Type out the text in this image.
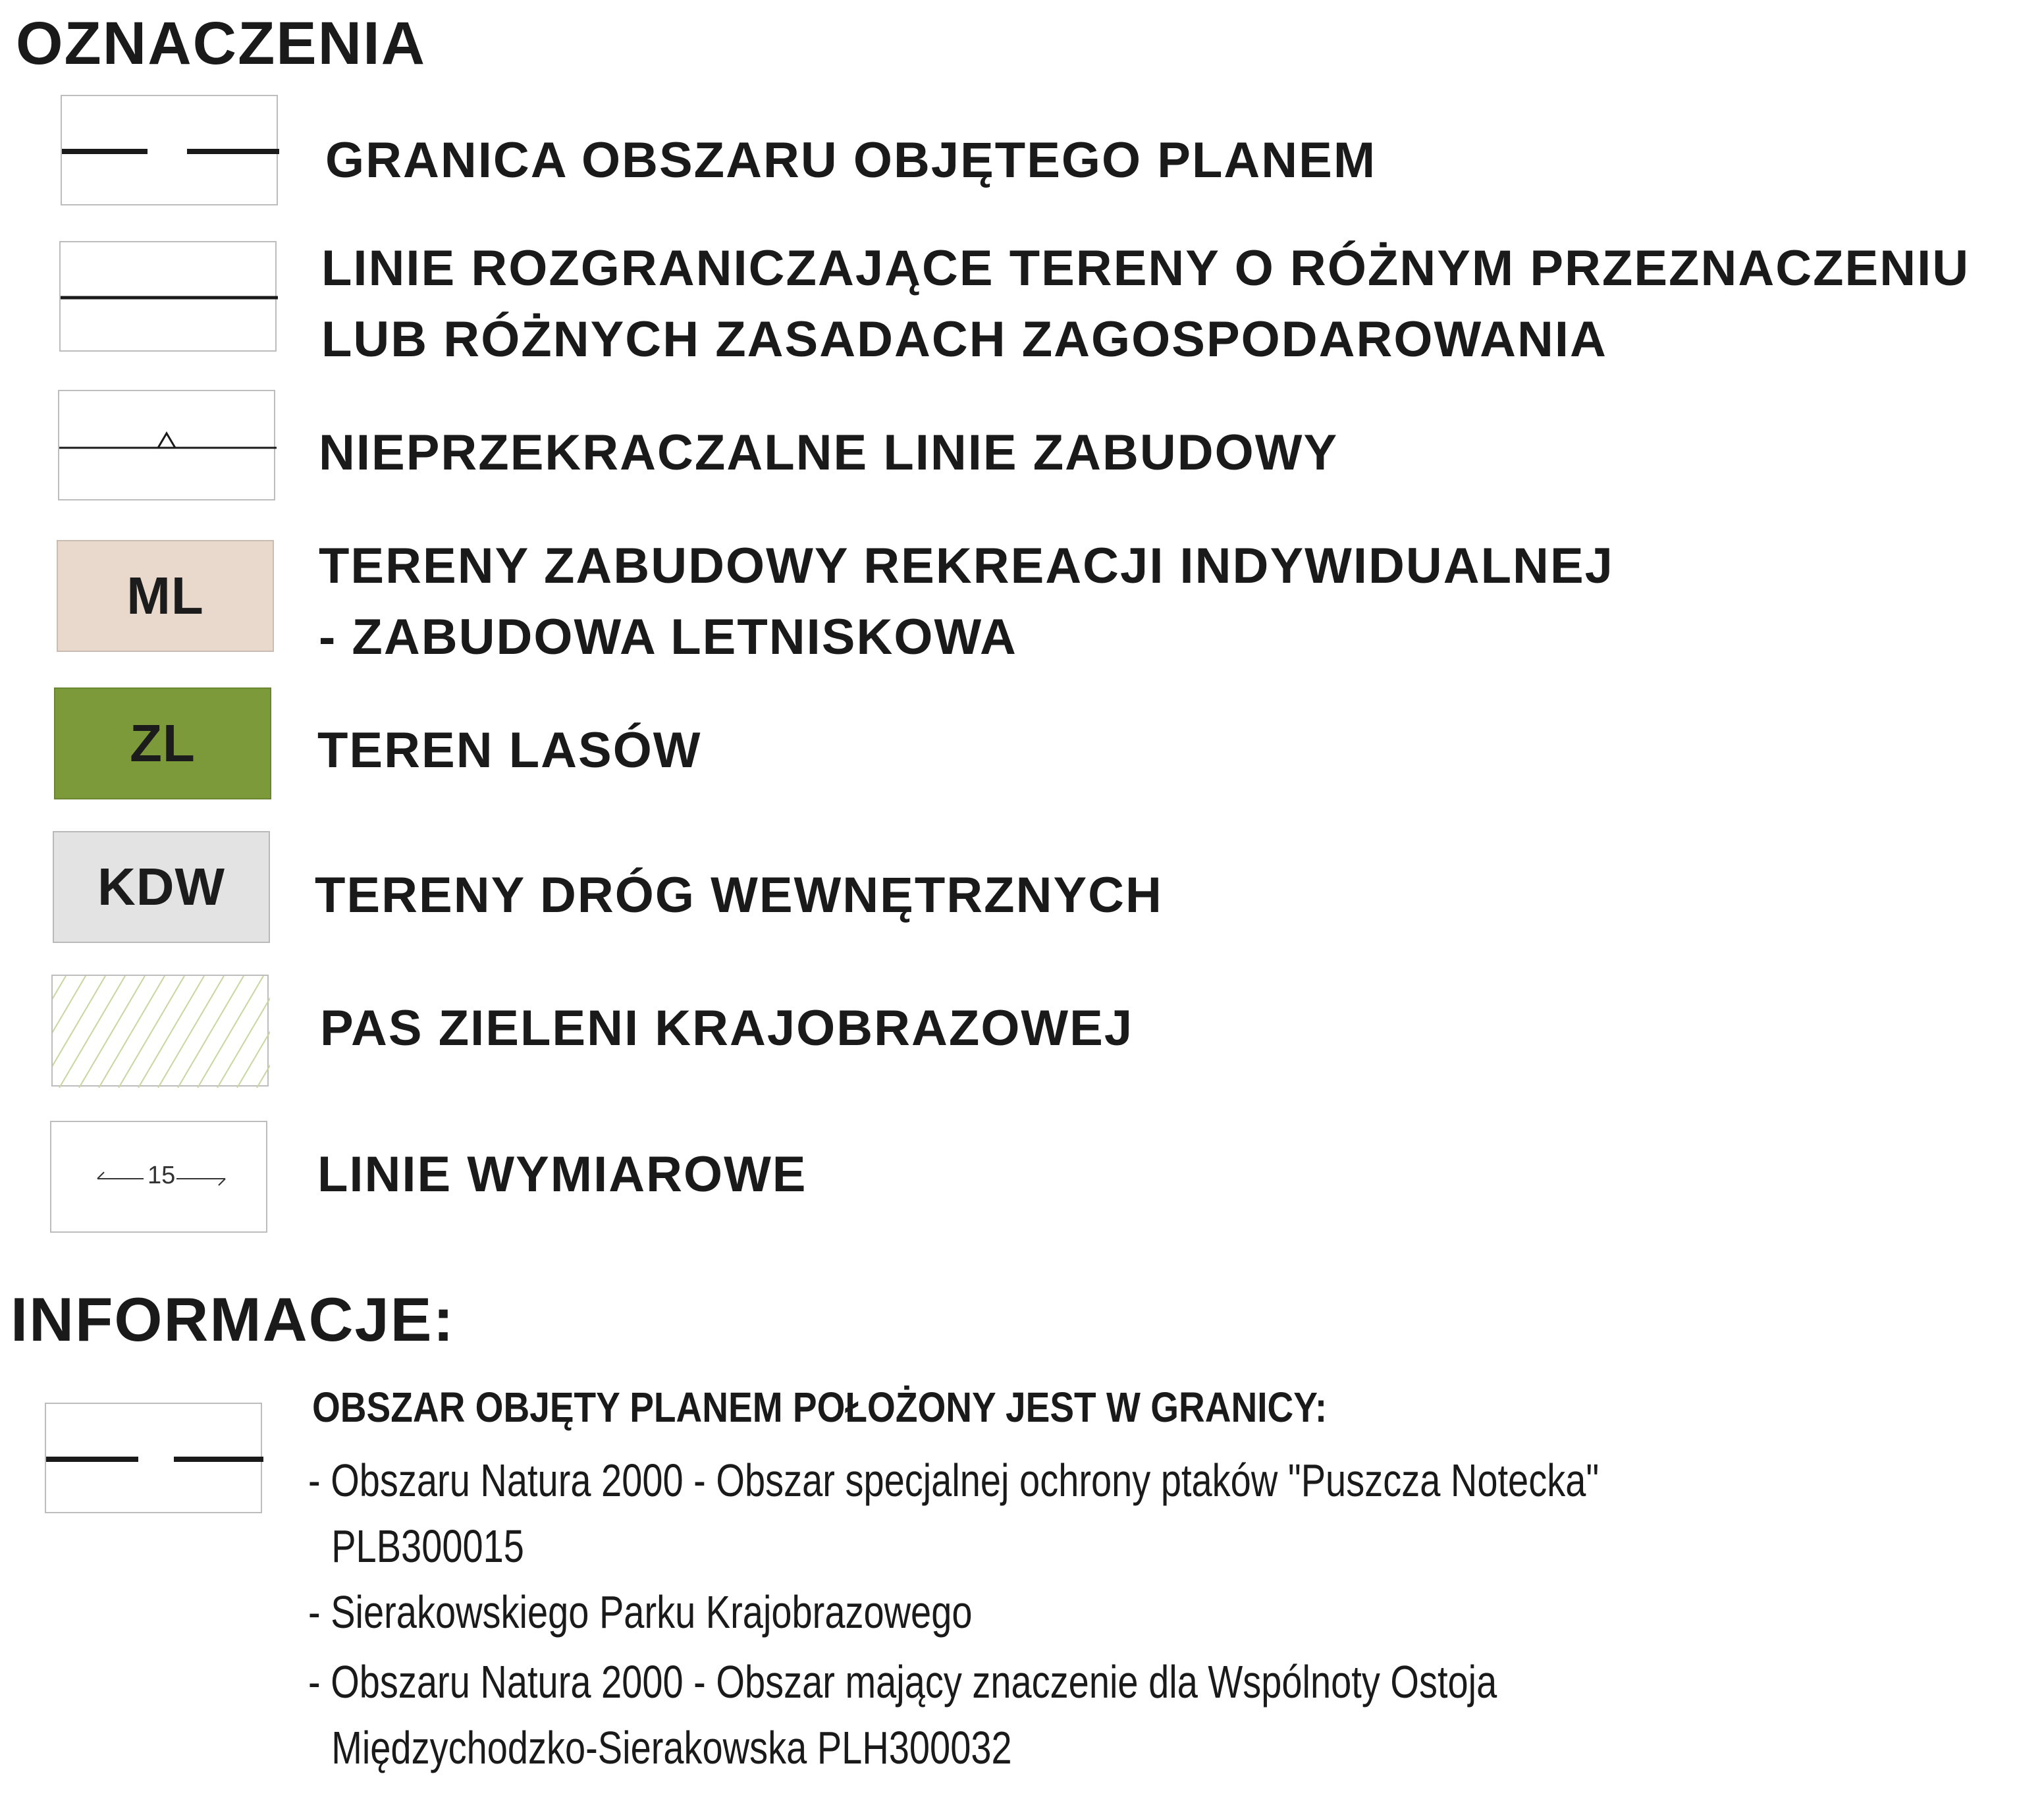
OZNACZENIA
GRANICA OBSZARU OBJĘTEGO PLANEM
LINIE ROZGRANICZAJĄCE TERENY O RÓŻNYM PRZEZNACZENIU
LUB RÓŻNYCH ZASADACH ZAGOSPODAROWANIA
NIEPRZEKRACZALNE LINIE ZABUDOWY
ML
TERENY ZABUDOWY REKREACJI INDYWIDUALNEJ
- ZABUDOWA LETNISKOWA
ZL TEREN LASÓW
KDW TERENY DRÓG WEWNĘTRZNYCH
PAS ZIELENI KRAJOBRAZOWEJ
15	LINIE WYMIAROWE
INFORMACJE:
OBSZAR OBJĘTY PLANEM POŁOŻONY JEST W GRANICY:
- Obszaru Natura 2000 - Obszar specjalnej ochrony ptaków "Puszcza Notecka"
PLB300015
- Sierakowskiego Parku Krajobrazowego
- Obszaru Natura 2000 - Obszar mający znaczenie dla Wspólnoty Ostoja
Międzychodzko-Sierakowska PLH300032
